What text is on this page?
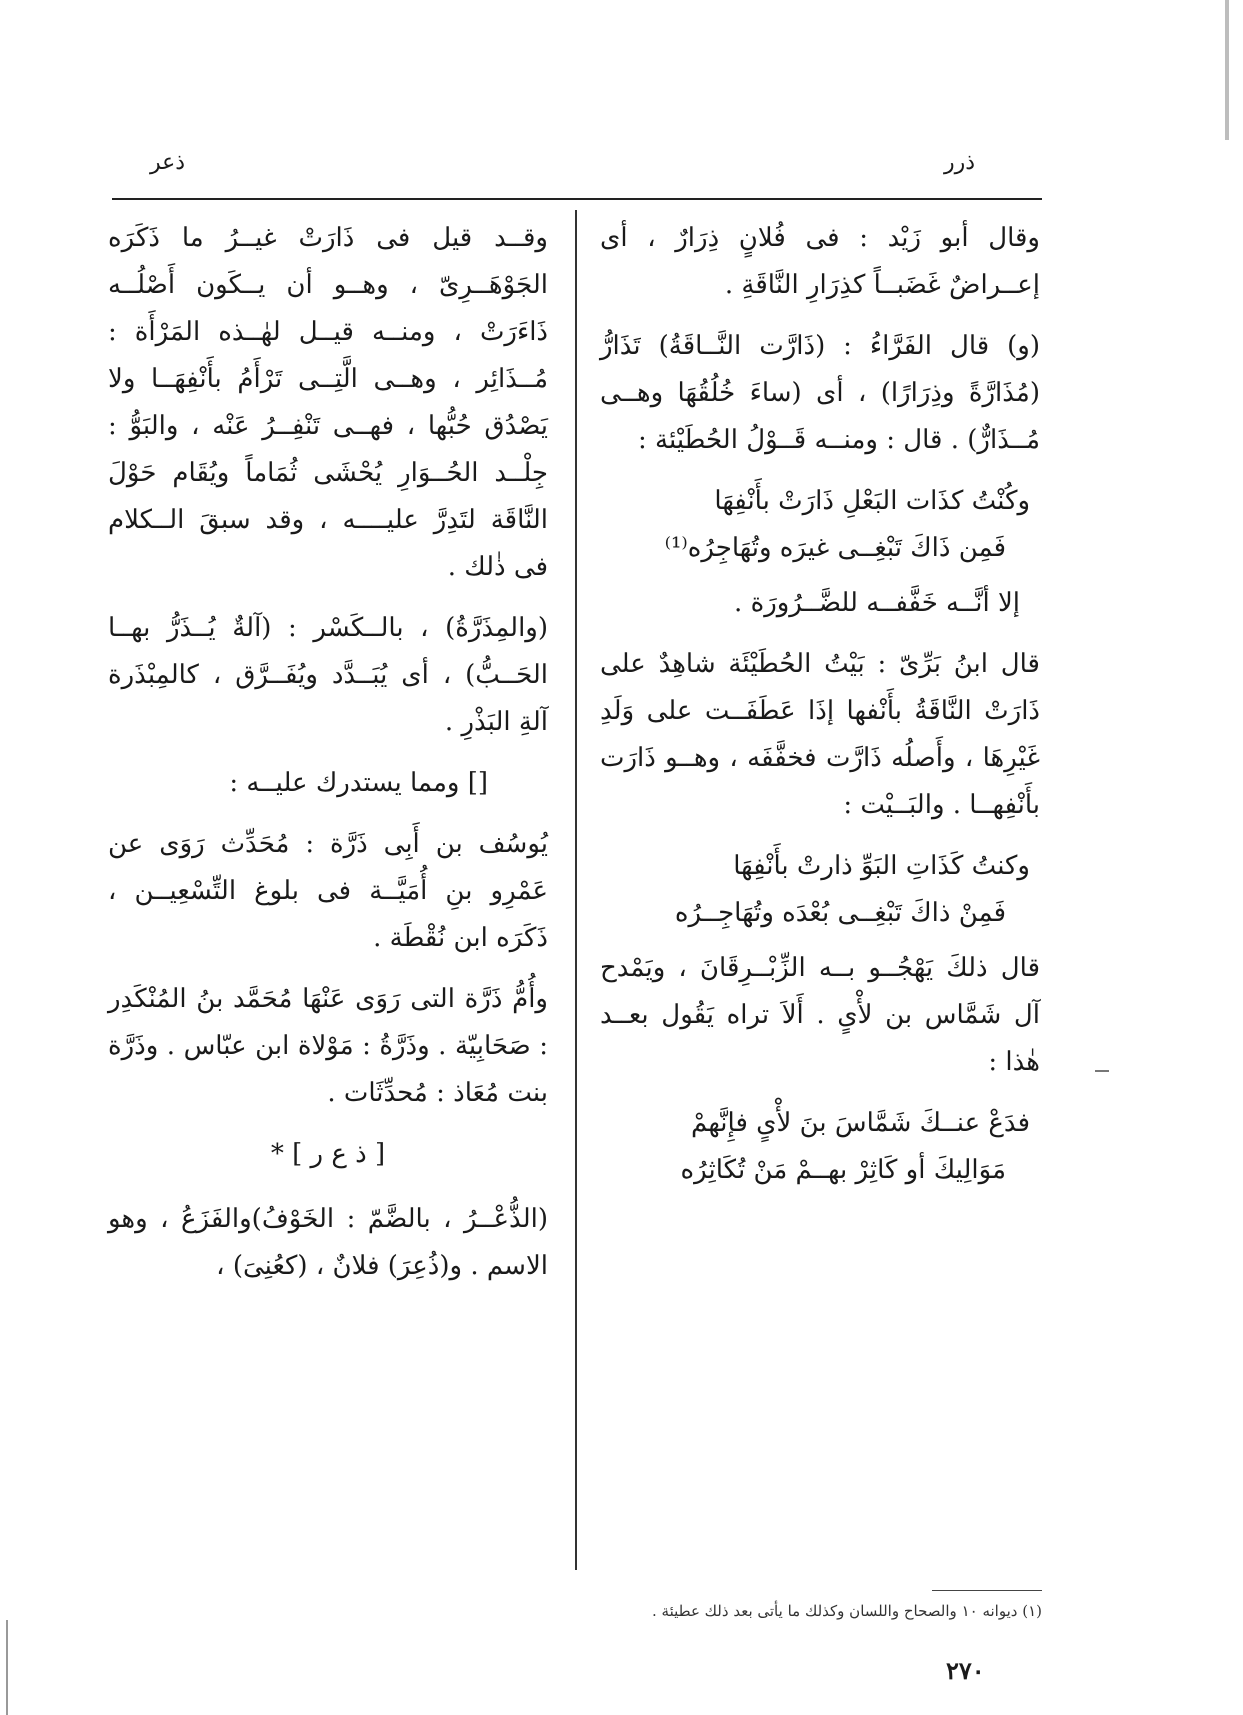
ذرر
ذعر

وقال أبو زَيْد : فى فُلانٍ ذِرَارٌ ، أى إعــراضٌ غَضَبــاً كذِرَارِ النَّاقَةِ .

(و) قال الفَرَّاءُ : (ذَارَّت النَّــاقَةُ) تَذَارُّ (مُذَارَّةً وذِرَارًا) ، أى (ساءَ خُلُقُهَا وهــى مُــذَارٌّ) . قال : ومنــه قَــوْلُ الحُطَيْئة :

وكُنْتُ كذَات البَعْلِ ذَارَتْ بأَنْفِهَا
فَمِن ذَاكَ تَبْغِــى غيرَه وتُهَاجِرُه⁽¹⁾

إلا أنَّــه خَفَّفــه للضَّــرُورَة .

قال ابنُ بَرِّىّ : بَيْتُ الحُطَيْئَة شاهِدٌ على ذَارَتْ النَّاقَةُ بأَنْفها إذَا عَطَفَــت على وَلَدِ غَيْرِهَا ، وأَصلُه ذَارَّت فخفَّفَه ، وهــو ذَارَت بأَنْفِهــا . والبَــيْت :

وكنتُ كَذَاتِ البَوِّ ذارتْ بأَنْفِهَا
فَمِنْ ذاكَ تَبْغِــى بُعْدَه وتُهَاجِــرُه

قال ذلكَ يَهْجُــو بــه الزِّبْــرِقَانَ ، ويَمْدح آل شَمَّاس بن لأْىٍ . أَلاَ تراه يَقُول بعــد هٰذا :

فدَعْ عنــكَ شَمَّاسَ بنَ لأْىٍ فإِنَّهمْ
مَوَالِيكَ أو كَاثِرْ بهــمْ مَنْ تُكَاثِرُه

وقــد قيل فى ذَارَتْ غيــرُ ما ذَكَرَه الجَوْهَــرِىّ ، وهــو أن يــكَون أَصْلُــه ذَاءَرَتْ ، ومنــه قيــل لهٰــذه المَرْأَة : مُــذَائِر ، وهــى الَّتِــى تَرْأَمُ بأَنْفِهَــا ولا يَصْدُق حُبُّها ، فهــى تَنْفِــرُ عَنْه ، والبَوُّ : جِلْــد الحُــوَارِ يُحْشَى ثُمَاماً ويُقَام حَوْلَ النَّاقَة لتَدِرَّ عليــــه ، وقد سبقَ الــكلام فى ذٰلك .

(والمِذَرَّةُ) ، بالــكَسْر : (آلةٌ يُــذَرُّ بهــا الحَــبُّ) ، أى يُبَــدَّد ويُفَــرَّق ، كالمِبْذَرة آلةِ البَذْرِ .

[] ومما يستدرك عليــه :

يُوسُف بن أَبِى ذَرَّة : مُحَدِّث رَوَى عن عَمْرِو بنِ أُمَيَّــة فى بلوغ التِّسْعِيــن ، ذَكَرَه ابن نُقْطَة .

وأُمُّ ذَرَّة التى رَوَى عَنْهَا مُحَمَّد بنُ المُنْكَدِر : صَحَابِيّة . وذَرَّةُ : مَوْلاة ابن عبّاس . وذَرَّة بنت مُعَاذ : مُحدِّثَات .

[ ذ ع ر ] *

(الذُّعْــرُ ، بالضَّمّ : الخَوْفُ)والفَزَعُ ، وهو الاسم . و(ذُعِرَ) فلانٌ ، (كعُنِىَ) ،

(١) ديوانه ١٠ والصحاح واللسان وكذلك ما يأتى بعد ذلك عطيئة .
٢٧٠
